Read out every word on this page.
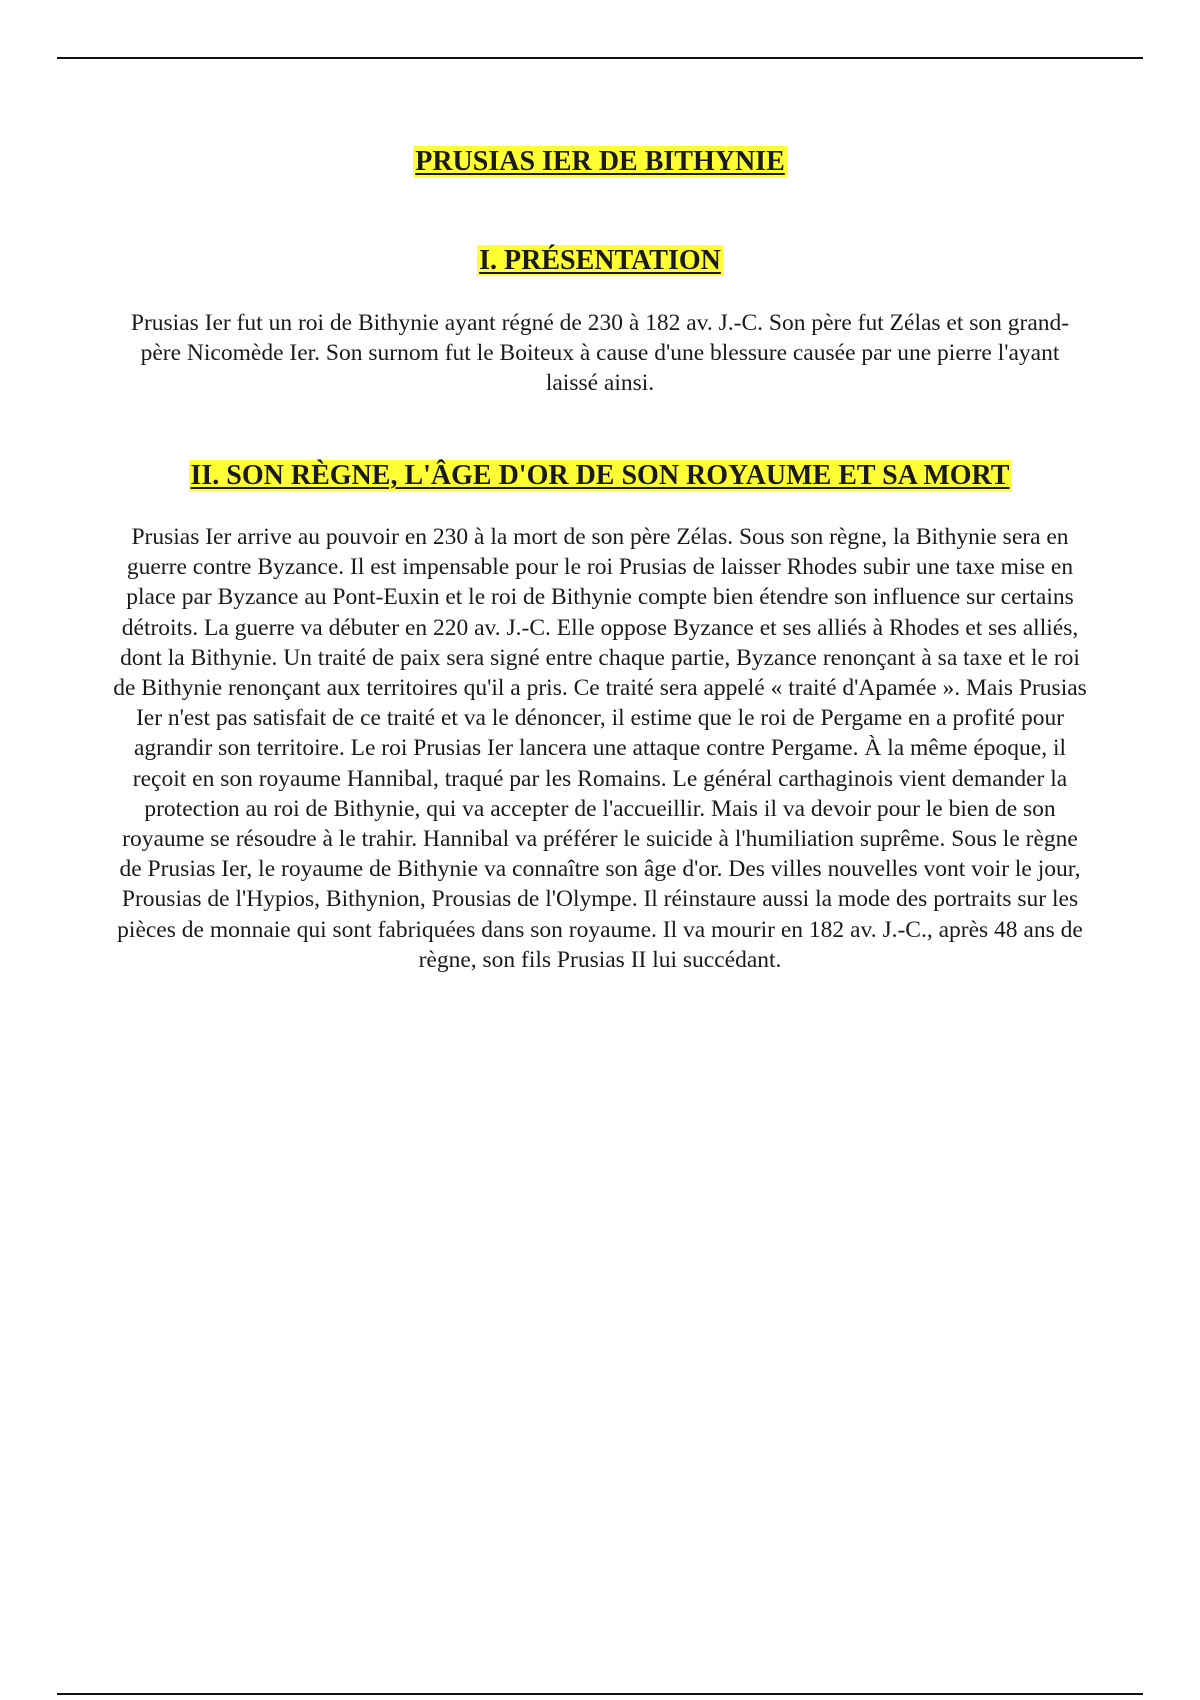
PRUSIAS IER DE BITHYNIE
I. PRÉSENTATION

Prusias Ier fut un roi de Bithynie ayant régné de 230 à 182 av. J.-C. Son père fut Zélas et son grand-père Nicomède Ier. Son surnom fut le Boiteux à cause d'une blessure causée par une pierre l'ayant laissé ainsi.

II. SON RÈGNE, L'ÂGE D'OR DE SON ROYAUME ET SA MORT

Prusias Ier arrive au pouvoir en 230 à la mort de son père Zélas. Sous son règne, la Bithynie sera en guerre contre Byzance. Il est impensable pour le roi Prusias de laisser Rhodes subir une taxe mise en place par Byzance au Pont-Euxin et le roi de Bithynie compte bien étendre son influence sur certains détroits. La guerre va débuter en 220 av. J.-C. Elle oppose Byzance et ses alliés à Rhodes et ses alliés, dont la Bithynie. Un traité de paix sera signé entre chaque partie, Byzance renonçant à sa taxe et le roi de Bithynie renonçant aux territoires qu'il a pris. Ce traité sera appelé « traité d'Apamée ». Mais Prusias Ier n'est pas satisfait de ce traité et va le dénoncer, il estime que le roi de Pergame en a profité pour agrandir son territoire. Le roi Prusias Ier lancera une attaque contre Pergame. À la même époque, il reçoit en son royaume Hannibal, traqué par les Romains. Le général carthaginois vient demander la protection au roi de Bithynie, qui va accepter de l'accueillir. Mais il va devoir pour le bien de son royaume se résoudre à le trahir. Hannibal va préférer le suicide à l'humiliation suprême. Sous le règne de Prusias Ier, le royaume de Bithynie va connaître son âge d'or. Des villes nouvelles vont voir le jour, Prousias de l'Hypios, Bithynion, Prousias de l'Olympe. Il réinstaure aussi la mode des portraits sur les pièces de monnaie qui sont fabriquées dans son royaume. Il va mourir en 182 av. J.-C., après 48 ans de règne, son fils Prusias II lui succédant.
